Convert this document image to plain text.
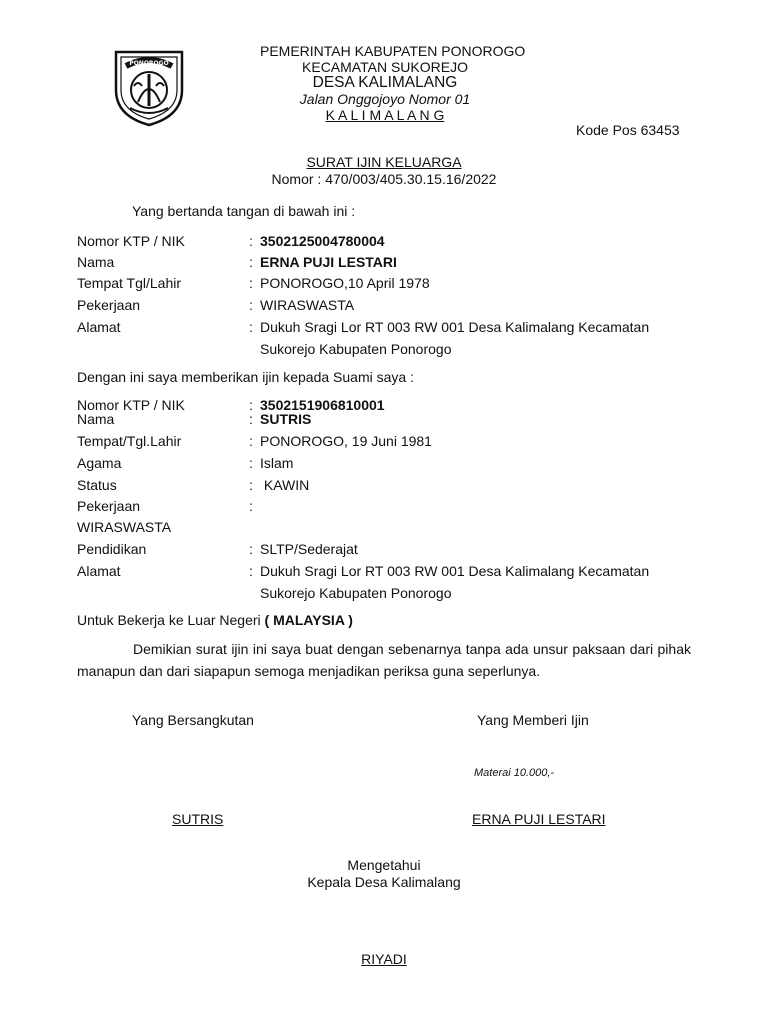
PONOROGO
PEMERINTAH KABUPATEN PONOROGO
KECAMATAN SUKOREJO
DESA KALIMALANG
Jalan Onggojoyo Nomor 01
K A L I M A L A N G
Kode Pos 63453
SURAT IJIN KELUARGA
Nomor : 470/003/405.30.15.16/2022
Yang bertanda tangan di bawah ini :
Nomor KTP / NIK	: 3502125004780004
Nama	: ERNA PUJI LESTARI
Tempat Tgl/Lahir	: PONOROGO,10 April 1978
Pekerjaan	: WIRASWASTA
Alamat	: Dukuh Sragi Lor RT 003 RW 001 Desa Kalimalang Kecamatan
Sukorejo Kabupaten Ponorogo
Dengan ini saya memberikan ijin kepada Suami saya :
Nomor KTP / NIK	: 3502151906810001
Nama	: SUTRIS
Tempat/Tgl.Lahir	: PONOROGO, 19 Juni 1981
Agama	: Islam
Status	: KAWIN
Pekerjaan	:
WIRASWASTA
Pendidikan	: SLTP/Sederajat
Alamat	: Dukuh Sragi Lor RT 003 RW 001 Desa Kalimalang Kecamatan
Sukorejo Kabupaten Ponorogo
Untuk Bekerja ke Luar Negeri ( MALAYSIA )
Demikian surat ijin ini saya buat dengan sebenarnya tanpa ada unsur paksaan dari pihak manapun dan dari siapapun semoga menjadikan periksa guna seperlunya.
Yang Bersangkutan	Yang Memberi Ijin
Materai 10.000,-
SUTRIS	ERNA PUJI LESTARI
Mengetahui
Kepala Desa Kalimalang
RIYADI
